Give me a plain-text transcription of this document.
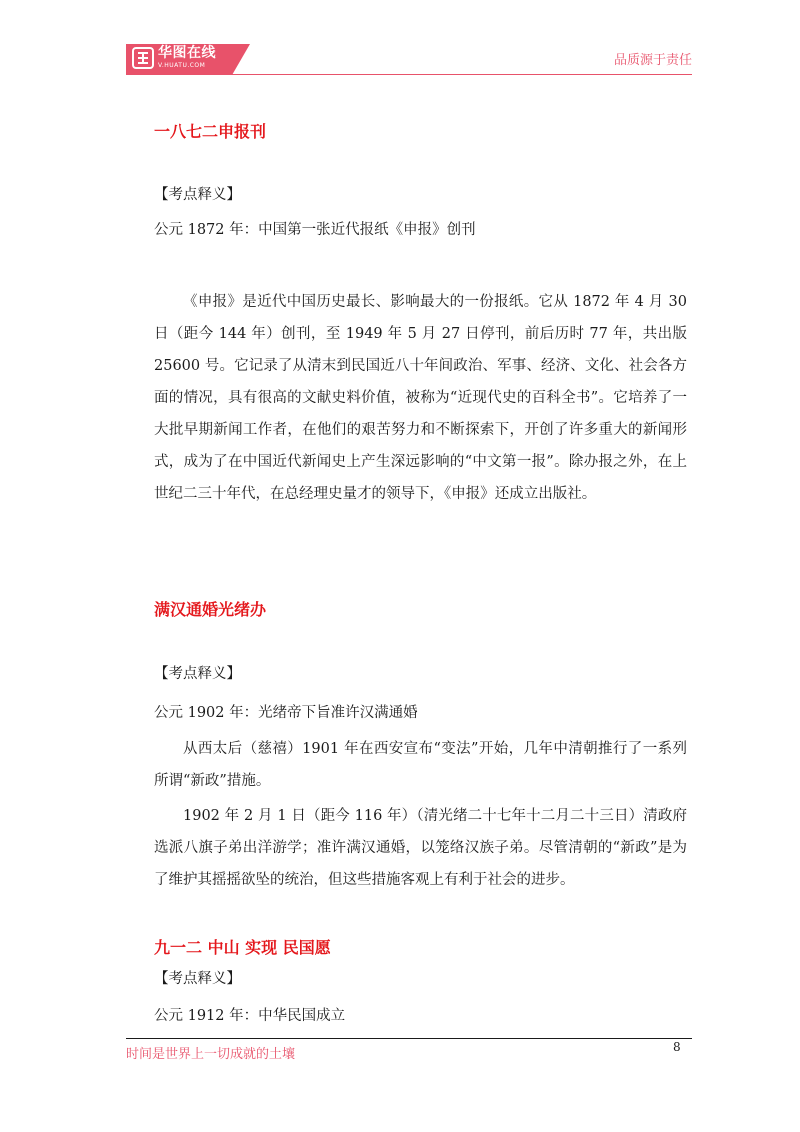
华图在线
V.HUATU.COM	品质源于责任
一八七二申报刊

【考点释义】

公元 1872 年：中国第一张近代报纸《申报》创刊

《申报》是近代中国历史最长、影响最大的一份报纸。它从 1872 年 4 月 30 日（距今 144 年）创刊，至 1949 年 5 月 27 日停刊，前后历时 77 年，共出版 25600 号。它记录了从清末到民国近八十年间政治、军事、经济、文化、社会各方面的情况，具有很高的文献史料价值，被称为“近现代史的百科全书”。它培养了一大批早期新闻工作者，在他们的艰苦努力和不断探索下，开创了许多重大的新闻形式，成为了在中国近代新闻史上产生深远影响的“中文第一报”。除办报之外，在上世纪二三十年代，在总经理史量才的领导下，《申报》还成立出版社。

满汉通婚光绪办

【考点释义】

公元 1902 年：光绪帝下旨准许汉满通婚

从西太后（慈禧）1901 年在西安宣布“变法”开始，几年中清朝推行了一系列所谓“新政”措施。

1902 年 2 月 1 日（距今 116 年）（清光绪二十七年十二月二十三日）清政府选派八旗子弟出洋游学；准许满汉通婚，以笼络汉族子弟。尽管清朝的“新政”是为了维护其摇摇欲坠的统治，但这些措施客观上有利于社会的进步。

九一二 中山 实现 民国愿

【考点释义】

公元 1912 年：中华民国成立

时间是世界上一切成就的土壤	8
